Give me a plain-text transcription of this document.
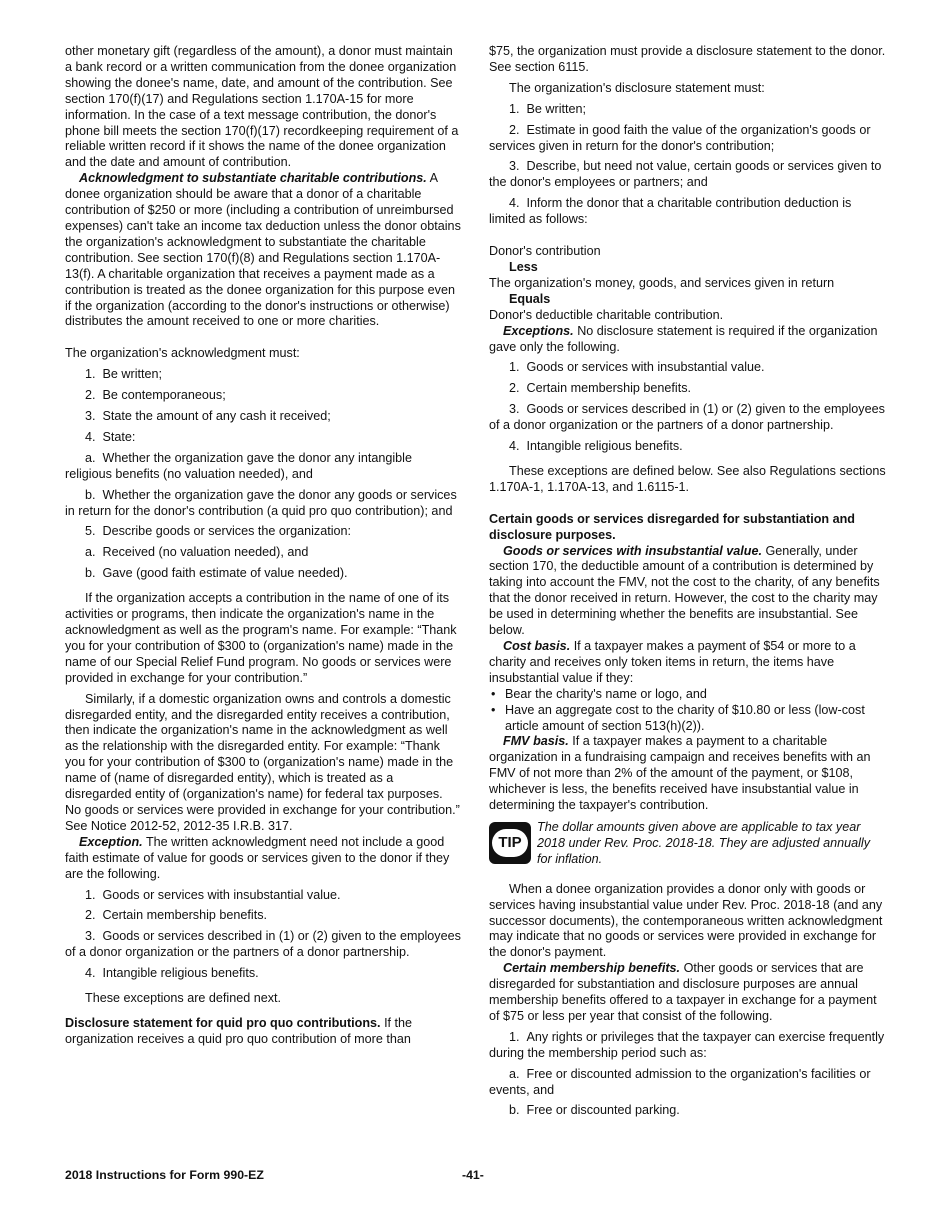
other monetary gift (regardless of the amount), a donor must maintain a bank record or a written communication from the donee organization showing the donee's name, date, and amount of the contribution. See section 170(f)(17) and Regulations section 1.170A-15 for more information. In the case of a text message contribution, the donor's phone bill meets the section 170(f)(17) recordkeeping requirement of a reliable written record if it shows the name of the donee organization and the date and amount of contribution.

Acknowledgment to substantiate charitable contributions. A donee organization should be aware that a donor of a charitable contribution of $250 or more (including a contribution of unreimbursed expenses) can't take an income tax deduction unless the donor obtains the organization's acknowledgment to substantiate the charitable contribution. See section 170(f)(8) and Regulations section 1.170A-13(f). A charitable organization that receives a payment made as a contribution is treated as the donee organization for this purpose even if the organization (according to the donor's instructions or otherwise) distributes the amount received to one or more charities.

The organization's acknowledgment must:

1.  Be written;

2.  Be contemporaneous;

3.  State the amount of any cash it received;

4.  State:

a.  Whether the organization gave the donor any intangible religious benefits (no valuation needed), and

b.  Whether the organization gave the donor any goods or services in return for the donor's contribution (a quid pro quo contribution); and

5.  Describe goods or services the organization:

a.  Received (no valuation needed), and

b.  Gave (good faith estimate of value needed).

If the organization accepts a contribution in the name of one of its activities or programs, then indicate the organization's name in the acknowledgment as well as the program's name. For example: “Thank you for your contribution of $300 to (organization's name) made in the name of our Special Relief Fund program. No goods or services were provided in exchange for your contribution.”

Similarly, if a domestic organization owns and controls a domestic disregarded entity, and the disregarded entity receives a contribution, then indicate the organization's name in the acknowledgment as well as the relationship with the disregarded entity. For example: “Thank you for your contribution of $300 to (organization's name) made in the name of (name of disregarded entity), which is treated as a disregarded entity of (organization's name) for federal tax purposes. No goods or services were provided in exchange for your contribution.” See Notice 2012-52, 2012-35 I.R.B. 317.

Exception. The written acknowledgment need not include a good faith estimate of value for goods or services given to the donor if they are the following.

1.  Goods or services with insubstantial value.

2.  Certain membership benefits.

3.  Goods or services described in (1) or (2) given to the employees of a donor organization or the partners of a donor partnership.

4.  Intangible religious benefits.

These exceptions are defined next.

Disclosure statement for quid pro quo contributions. If the organization receives a quid pro quo contribution of more than

$75, the organization must provide a disclosure statement to the donor. See section 6115.

The organization's disclosure statement must:

1.  Be written;

2.  Estimate in good faith the value of the organization's goods or services given in return for the donor's contribution;

3.  Describe, but need not value, certain goods or services given to the donor's employees or partners; and

4.  Inform the donor that a charitable contribution deduction is limited as follows:

Donor's contribution

Less

The organization's money, goods, and services given in return

Equals

Donor's deductible charitable contribution.

Exceptions. No disclosure statement is required if the organization gave only the following.

1.  Goods or services with insubstantial value.

2.  Certain membership benefits.

3.  Goods or services described in (1) or (2) given to the employees of a donor organization or the partners of a donor partnership.

4.  Intangible religious benefits.

These exceptions are defined below. See also Regulations sections 1.170A-1, 1.170A-13, and 1.6115-1.

Certain goods or services disregarded for substantiation and disclosure purposes.

Goods or services with insubstantial value. Generally, under section 170, the deductible amount of a contribution is determined by taking into account the FMV, not the cost to the charity, of any benefits that the donor received in return. However, the cost to the charity may be used in determining whether the benefits are insubstantial. See below.

Cost basis. If a taxpayer makes a payment of $54 or more to a charity and receives only token items in return, the items have insubstantial value if they:

• Bear the charity's name or logo, and
• Have an aggregate cost to the charity of $10.80 or less (low-cost article amount of section 513(h)(2)).

FMV basis. If a taxpayer makes a payment to a charitable organization in a fundraising campaign and receives benefits with an FMV of not more than 2% of the amount of the payment, or $108, whichever is less, the benefits received have insubstantial value in determining the taxpayer's contribution.

TIP

The dollar amounts given above are applicable to tax year 2018 under Rev. Proc. 2018-18. They are adjusted annually for inflation.

When a donee organization provides a donor only with goods or services having insubstantial value under Rev. Proc. 2018-18 (and any successor documents), the contemporaneous written acknowledgment may indicate that no goods or services were provided in exchange for the donor's payment.

Certain membership benefits. Other goods or services that are disregarded for substantiation and disclosure purposes are annual membership benefits offered to a taxpayer in exchange for a payment of $75 or less per year that consist of the following.

1.  Any rights or privileges that the taxpayer can exercise frequently during the membership period such as:

a.  Free or discounted admission to the organization's facilities or events, and

b.  Free or discounted parking.

2018 Instructions for Form 990-EZ	-41-
